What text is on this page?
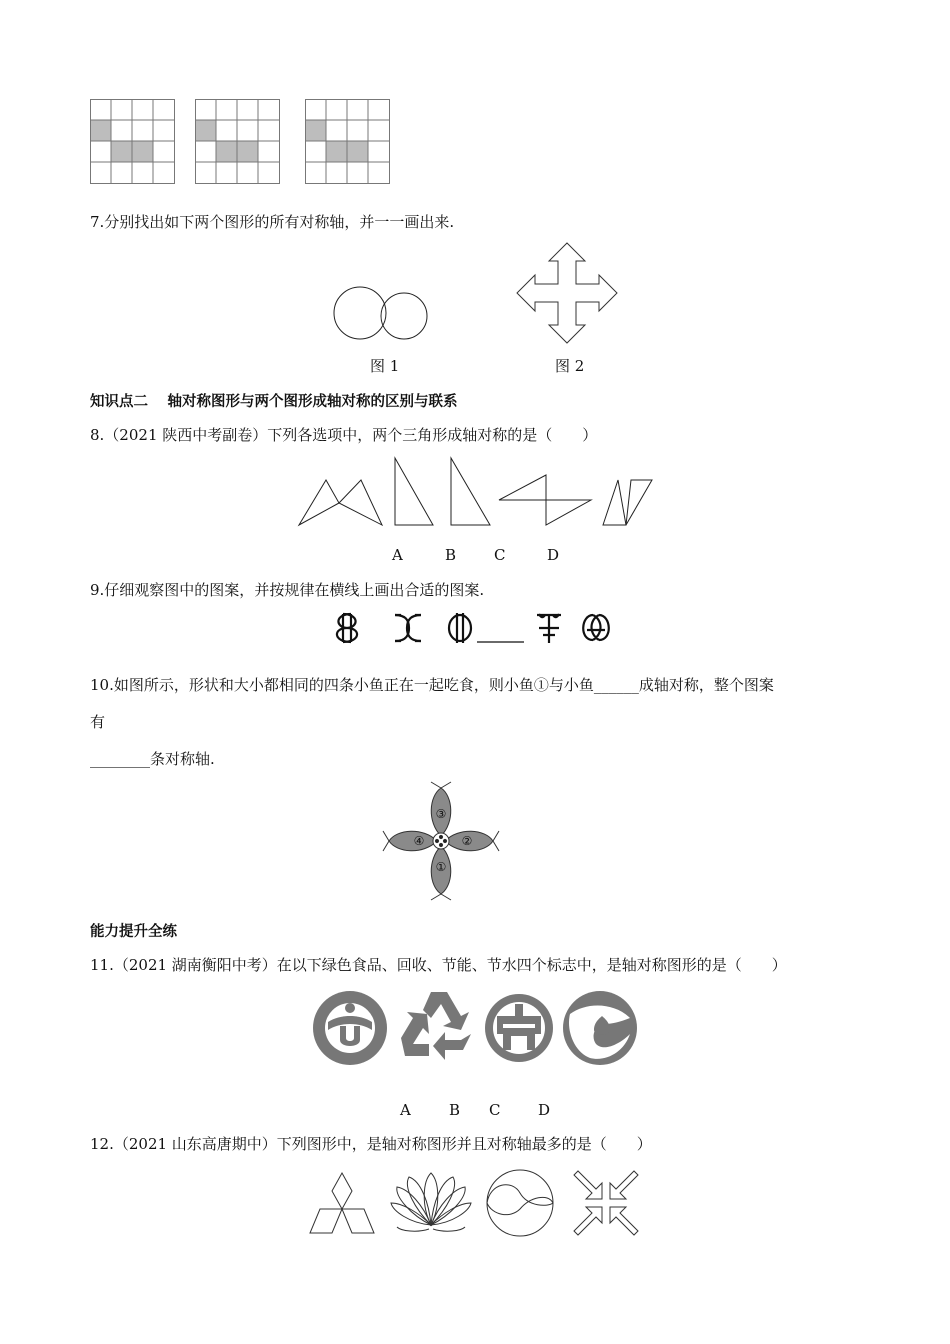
7.分别找出如下两个图形的所有对称轴，并一一画出来.
图 1	图 2
知识点二　 轴对称图形与两个图形成轴对称的区别与联系
8.（2021 陕西中考副卷）下列各选项中，两个三角形成轴对称的是（　　）
A	B	C	D
9.仔细观察图中的图案，并按规律在横线上画出合适的图案.
10.如图所示，形状和大小都相同的四条小鱼正在一起吃食，则小鱼①与小鱼______成轴对称，整个图案
有
________条对称轴.
③
①
④	②
能力提升全练
11.（2021 湖南衡阳中考）在以下绿色食品、回收、节能、节水四个标志中，是轴对称图形的是（　　）
A	B C	D
12.（2021 山东高唐期中）下列图形中，是轴对称图形并且对称轴最多的是（　　）
